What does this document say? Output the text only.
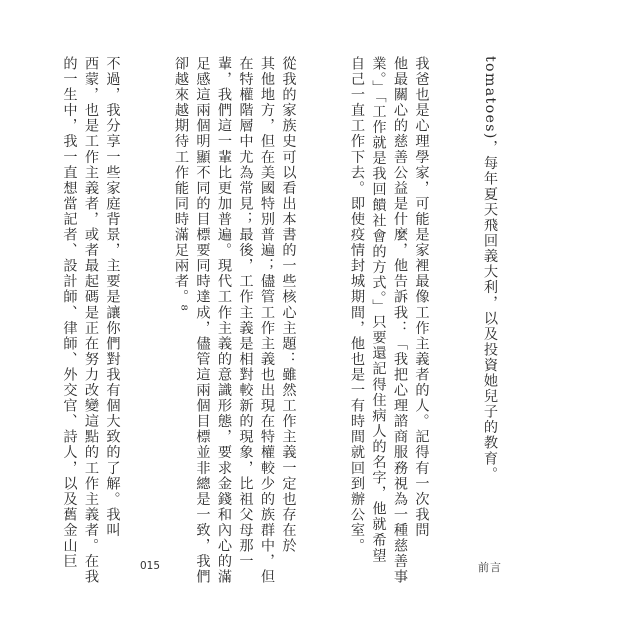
tomatoes)，每年夏天飛回義大利，以及投資她兒子的教育。
我爸也是心理學家，可能是家裡最像工作主義者的人。記得有一次我問
他最關心的慈善公益是什麼，他告訴我：「我把心理諮商服務視為一種慈善事
業。」「工作就是我回饋社會的方式。」只要還記得住病人的名字，他就希望
自己一直工作下去。即使疫情封城期間，他也是一有時間就回到辦公室。
從我的家族史可以看出本書的一些核心主題：雖然工作主義一定也存在於
其他地方，但在美國特別普遍；儘管工作主義也出現在特權較少的族群中，但
在特權階層中尤為常見；最後，工作主義是相對較新的現象，比祖父母那一
輩，我們這一輩比更加普遍。現代工作主義的意識形態，要求金錢和內心的滿
足感這兩個明顯不同的目標要同時達成，儘管這兩個目標並非總是一致，我們
卻越來越期待工作能同時滿足兩者。⁸
不過，我分享一些家庭背景，主要是讓你們對我有個大致的了解。我叫
西蒙，也是工作主義者，或者最起碼是正在努力改變這點的工作主義者。在我
的一生中，我一直想當記者、設計師、律師、外交官、詩人，以及舊金山巨	015	前言
